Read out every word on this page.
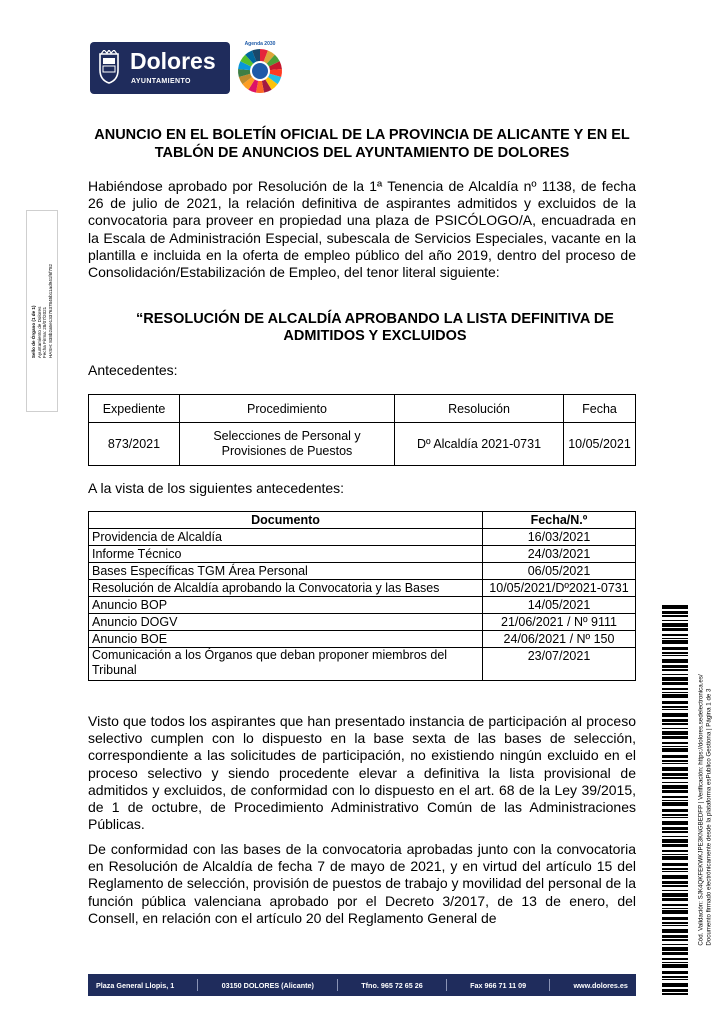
Dolores
AYUNTAMIENTO
Agenda 2030
Sello de Órgano (1 de 1) Ayuntamiento de Dolores Fecha Firma: 28/07/2021 HASH: 838b2a5e1337637845b11ad941f6f782
ANUNCIO EN EL BOLETÍN OFICIAL DE LA PROVINCIA DE ALICANTE Y EN EL TABLÓN DE ANUNCIOS DEL AYUNTAMIENTO DE DOLORES
Habiéndose aprobado por Resolución de la 1ª Tenencia de Alcaldía nº 1138, de fecha 26 de julio de 2021, la relación definitiva de aspirantes admitidos y excluidos de la convocatoria para proveer en propiedad una plaza de PSICÓLOGO/A, encuadrada en la Escala de Administración Especial, subescala de Servicios Especiales, vacante en la plantilla e incluida en la oferta de empleo público del año 2019, dentro del proceso de Consolidación/Estabilización de Empleo, del tenor literal siguiente:
“RESOLUCIÓN DE ALCALDÍA APROBANDO LA LISTA DEFINITIVA DE ADMITIDOS Y EXCLUIDOS
Antecedentes:
Expediente	Procedimiento	Resolución	Fecha
873/2021	Selecciones de Personal y Provisiones de Puestos	Dº Alcaldía 2021-0731	10/05/2021
A la vista de los siguientes antecedentes:
Documento	Fecha/N.º
Providencia de Alcaldía	16/03/2021
Informe Técnico	24/03/2021
Bases Específicas TGM Área Personal	06/05/2021
Resolución de Alcaldía aprobando la Convocatoria y las Bases	10/05/2021/Dº2021-0731
Anuncio BOP	14/05/2021
Anuncio DOGV	21/06/2021 / Nº 9111
Anuncio BOE	24/06/2021 / Nº 150
Comunicación a los Órganos que deban proponer miembros del Tribunal	23/07/2021
Visto que todos los aspirantes que han presentado instancia de participación al proceso selectivo cumplen con lo dispuesto en la base sexta de las bases de selección, correspondiente a las solicitudes de participación, no existiendo ningún excluido en el proceso selectivo y siendo procedente elevar a definitiva la lista provisional de admitidos y excluidos, de conformidad con lo dispuesto en el art. 68 de la Ley 39/2015, de 1 de octubre, de Procedimiento Administrativo Común de las Administraciones Públicas.
De conformidad con las bases de la convocatoria aprobadas junto con la convocatoria en Resolución de Alcaldía de fecha 7 de mayo de 2021, y en virtud del artículo 15 del Reglamento de selección, provisión de puestos de trabajo y movilidad del personal de la función pública valenciana aprobado por el Decreto 3/2017, de 13 de enero, del Consell, en relación con el artículo 20 del Reglamento General de	Cód. Validación: SJK4QKFEKWKJPE3KNGBEDFP | Verificación: https://dolores.sedelectronica.es/ Documento firmado electrónicamente desde la plataforma esPublico Gestiona | Página 1 de 3
Plaza General Llopis, 1	03150 DOLORES (Alicante)	Tfno. 965 72 65 26	Fax 966 71 11 09	www.dolores.es
